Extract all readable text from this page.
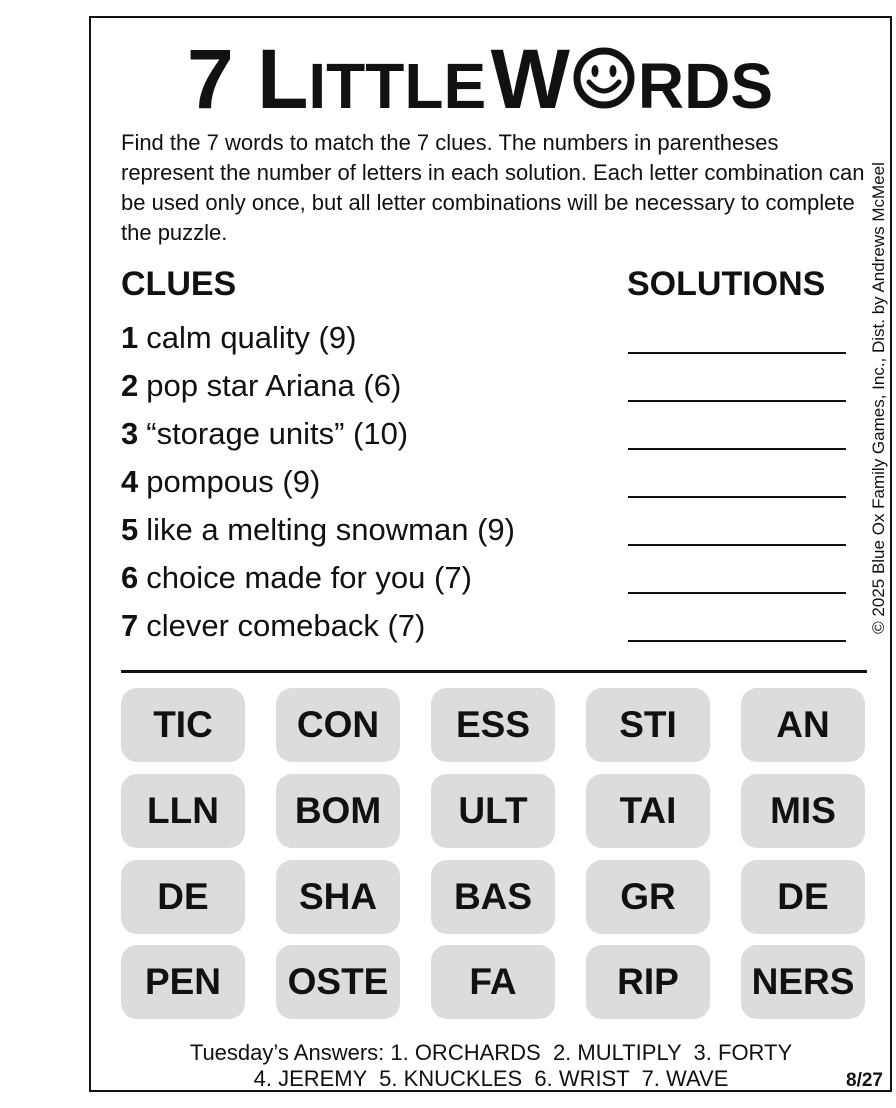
7 LITTLE W RDS
Find the 7 words to match the 7 clues. The numbers in parentheses represent the number of letters in each solution. Each letter combination can be used only once, but all letter combinations will be necessary to complete the puzzle.	© 2025 Blue Ox Family Games, Inc., Dist. by Andrews McMeel
CLUES	SOLUTIONS
1 calm quality (9)
2 pop star Ariana (6)
3 “storage units” (10)
4 pompous (9)
5 like a melting snowman (9)
6 choice made for you (7)
7 clever comeback (7)
TIC	CON	ESS	STI	AN
LLN	BOM	ULT	TAI	MIS
DE	SHA	BAS	GR	DE
PEN	OSTE	FA	RIP	NERS
Tuesday’s Answers: 1. ORCHARDS  2. MULTIPLY  3. FORTY
4. JEREMY  5. KNUCKLES  6. WRIST  7. WAVE	8/27
